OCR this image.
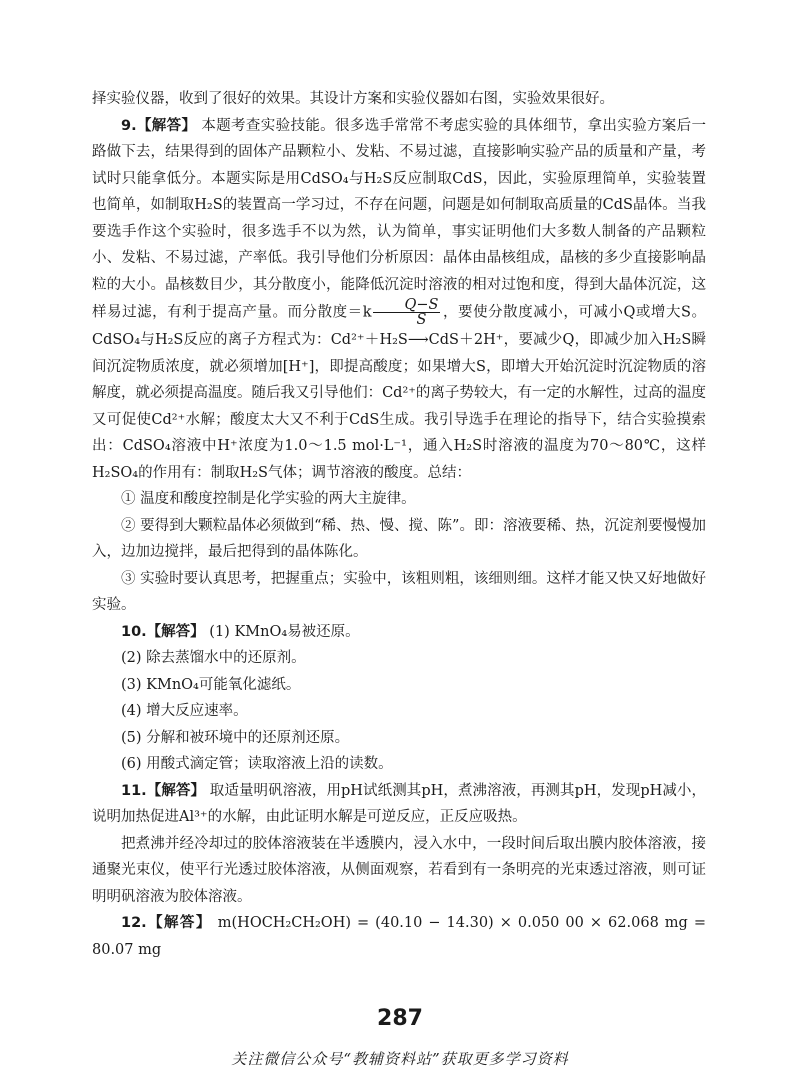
择实验仪器，收到了很好的效果。其设计方案和实验仪器如右图，实验效果很好。

9.【解答】 本题考查实验技能。很多选手常常不考虑实验的具体细节，拿出实验方案后一路做下去，结果得到的固体产品颗粒小、发粘、不易过滤，直接影响实验产品的质量和产量，考试时只能拿低分。本题实际是用CdSO₄与H₂S反应制取CdS，因此，实验原理简单，实验装置也简单，如制取H₂S的装置高一学习过，不存在问题，问题是如何制取高质量的CdS晶体。当我要选手作这个实验时，很多选手不以为然，认为简单，事实证明他们大多数人制备的产品颗粒小、发粘、不易过滤，产率低。我引导他们分析原因：晶体由晶核组成，晶核的多少直接影响晶粒的大小。晶核数目少，其分散度小，能降低沉淀时溶液的相对过饱和度，得到大晶体沉淀，这样易过滤，有利于提高产量。而分散度$=k \frac{Q-S}{S}$ ，要使分散度减小，可减小Q或增大S。CdSO₄与H₂S反应的离子方程式为：Cd²⁺＋H₂S⟶CdS＋2H⁺，要减少Q，即减少加入H₂S瞬间沉淀物质浓度，就必须增加[H⁺]，即提高酸度；如果增大S，即增大开始沉淀时沉淀物质的溶解度，就必须提高温度。随后我又引导他们：Cd²⁺的离子势较大，有一定的水解性，过高的温度又可促使Cd²⁺水解；酸度太大又不利于CdS生成。我引导选手在理论的指导下，结合实验摸索出：CdSO₄溶液中H⁺浓度为1.0～1.5 mol·L⁻¹，通入H₂S时溶液的温度为70～80℃，这样H₂SO₄的作用有：制取H₂S气体；调节溶液的酸度。总结：

① 温度和酸度控制是化学实验的两大主旋律。

② 要得到大颗粒晶体必须做到“稀、热、慢、搅、陈”。即：溶液要稀、热，沉淀剂要慢慢加入，边加边搅拌，最后把得到的晶体陈化。

③ 实验时要认真思考，把握重点；实验中，该粗则粗，该细则细。这样才能又快又好地做好实验。

10.【解答】 (1) KMnO₄易被还原。

(2) 除去蒸馏水中的还原剂。

(3) KMnO₄可能氧化滤纸。

(4) 增大反应速率。

(5) 分解和被环境中的还原剂还原。

(6) 用酸式滴定管；读取溶液上沿的读数。

11.【解答】 取适量明矾溶液，用pH试纸测其pH，煮沸溶液，再测其pH，发现pH减小，说明加热促进Al³⁺的水解，由此证明水解是可逆反应，正反应吸热。

把煮沸并经冷却过的胶体溶液装在半透膜内，浸入水中，一段时间后取出膜内胶体溶液，接通聚光束仪，使平行光透过胶体溶液，从侧面观察，若看到有一条明亮的光束透过溶液，则可证明明矾溶液为胶体溶液。

12.【解答】 m(HOCH₂CH₂OH) = (40.10 − 14.30) × 0.050 00 × 62.068 mg = 80.07 mg

287
关注微信公众号“教辅资料站”获取更多学习资料
